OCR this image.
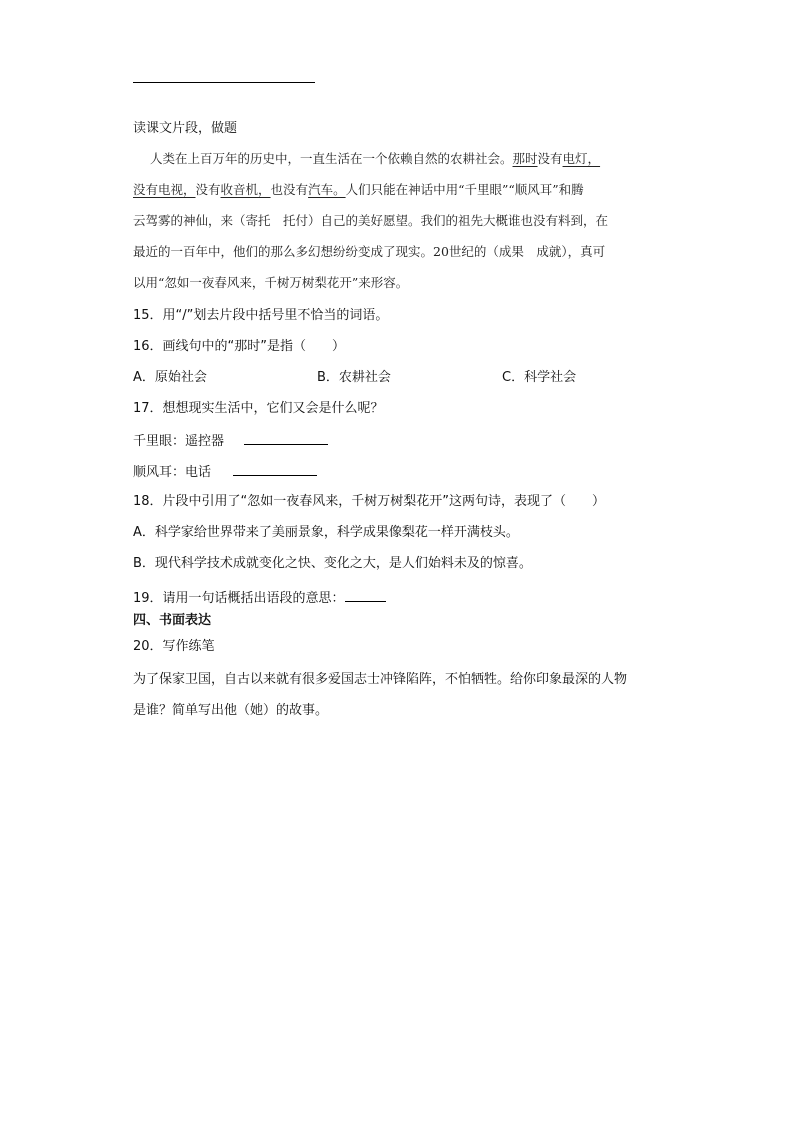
读课文片段，做题
人类在上百万年的历史中，一直生活在一个依赖自然的农耕社会。那时没有电灯，
没有电视，没有收音机，也没有汽车。人们只能在神话中用“千里眼”“顺风耳”和腾
云驾雾的神仙，来（寄托　托付）自己的美好愿望。我们的祖先大概谁也没有料到，在
最近的一百年中，他们的那么多幻想纷纷变成了现实。20世纪的（成果　成就），真可
以用“忽如一夜春风来，千树万树梨花开”来形容。
15．用“/”划去片段中括号里不恰当的词语。
16．画线句中的“那时”是指（　　）
A．原始社会	B．农耕社会	C．科学社会
17．想想现实生活中，它们又会是什么呢？
千里眼：遥控器
顺风耳：电话
18．片段中引用了“忽如一夜春风来，千树万树梨花开”这两句诗，表现了（　　）
A．科学家给世界带来了美丽景象，科学成果像梨花一样开满枝头。
B．现代科学技术成就变化之快、变化之大，是人们始料未及的惊喜。
19．请用一句话概括出语段的意思：
四、书面表达
20．写作练笔
为了保家卫国，自古以来就有很多爱国志士冲锋陷阵，不怕牺牲。给你印象最深的人物
是谁？简单写出他（她）的故事。
